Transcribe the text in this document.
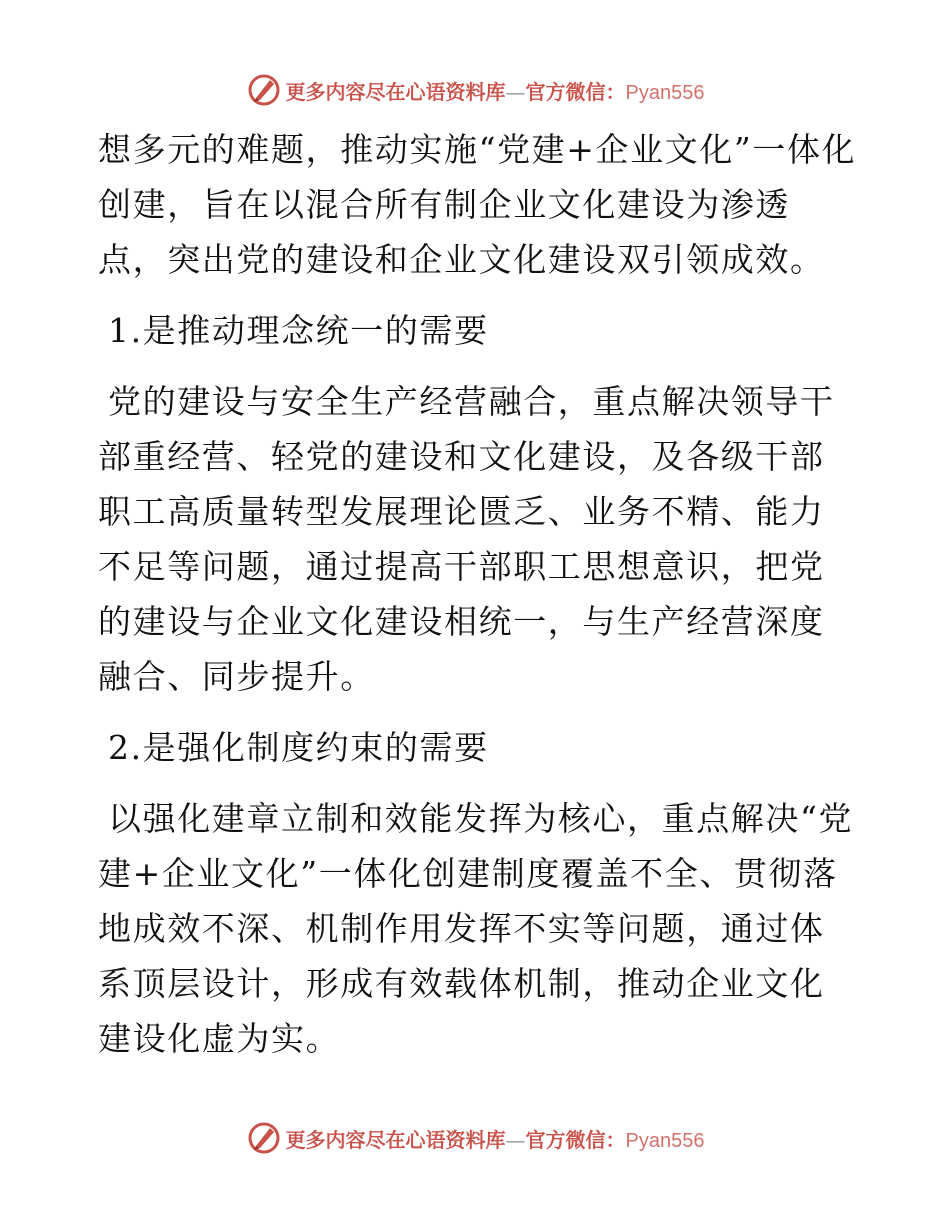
更多内容尽在心语资料库—官方微信：Pyan556

想多元的难题，推动实施“党建+企业文化”一体化创建，旨在以混合所有制企业文化建设为渗透点，突出党的建设和企业文化建设双引领成效。

1.是推动理念统一的需要

党的建设与安全生产经营融合，重点解决领导干部重经营、轻党的建设和文化建设，及各级干部职工高质量转型发展理论匮乏、业务不精、能力不足等问题，通过提高干部职工思想意识，把党的建设与企业文化建设相统一，与生产经营深度融合、同步提升。

2.是强化制度约束的需要

以强化建章立制和效能发挥为核心，重点解决“党建+企业文化”一体化创建制度覆盖不全、贯彻落地成效不深、机制作用发挥不实等问题，通过体系顶层设计，形成有效载体机制，推动企业文化建设化虚为实。

更多内容尽在心语资料库—官方微信：Pyan556
